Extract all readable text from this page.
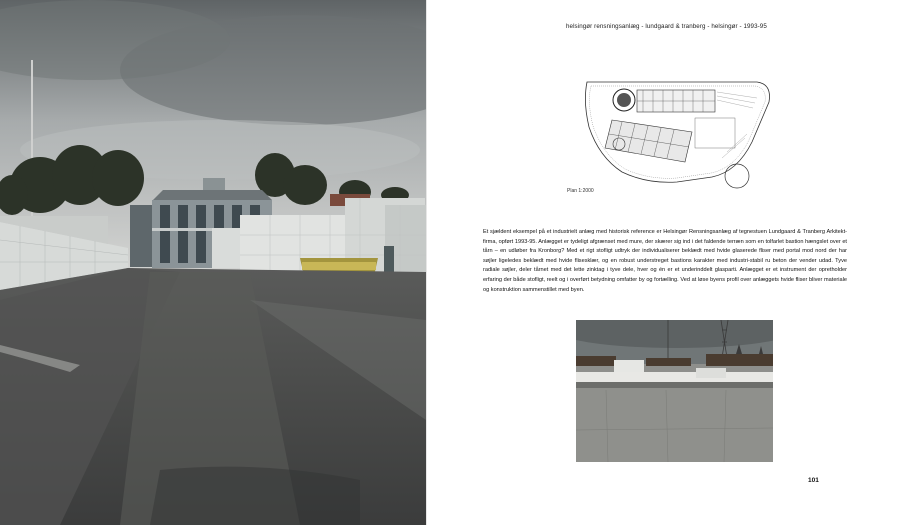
helsingør rensningsanlæg - lundgaard & tranberg - helsingør - 1993-95
Plan 1:2000

Et sjældent eksempel på et industrielt anlæg med historisk reference er Helsingør Rensningsanlæg af tegnestuen Lundgaard & Tranberg Arkitekt-firma, opført 1993-95. Anlægget er tydeligt afgrænset med mure, der skærer sig ind i det faldende terræn som en tolfarlet bastion hængslet over et tårn – en udløber fra Kronborg? Med et rigt stofligt udtryk der individualiserer beklædt med hvide glaserede fliser med portal mod nord der har søjler ligeledes beklædt med hvide flisesklær, og en robust understreget bastions karakter med industri-stabil ru beton der vender udad. Tyve radiale søjler, deler tårnet med det lette zinktag i tyve dele, hver og én er et underinddelt glasparti. Anlægget er et instrument der opretholder erfaring der både stofligt, reelt og i overført betydning omfatter by og fortælling. Ved at løse byens profil over anlæggets hvide fliser bliver materiale og konstruktion sammenstillet med byen.

101
